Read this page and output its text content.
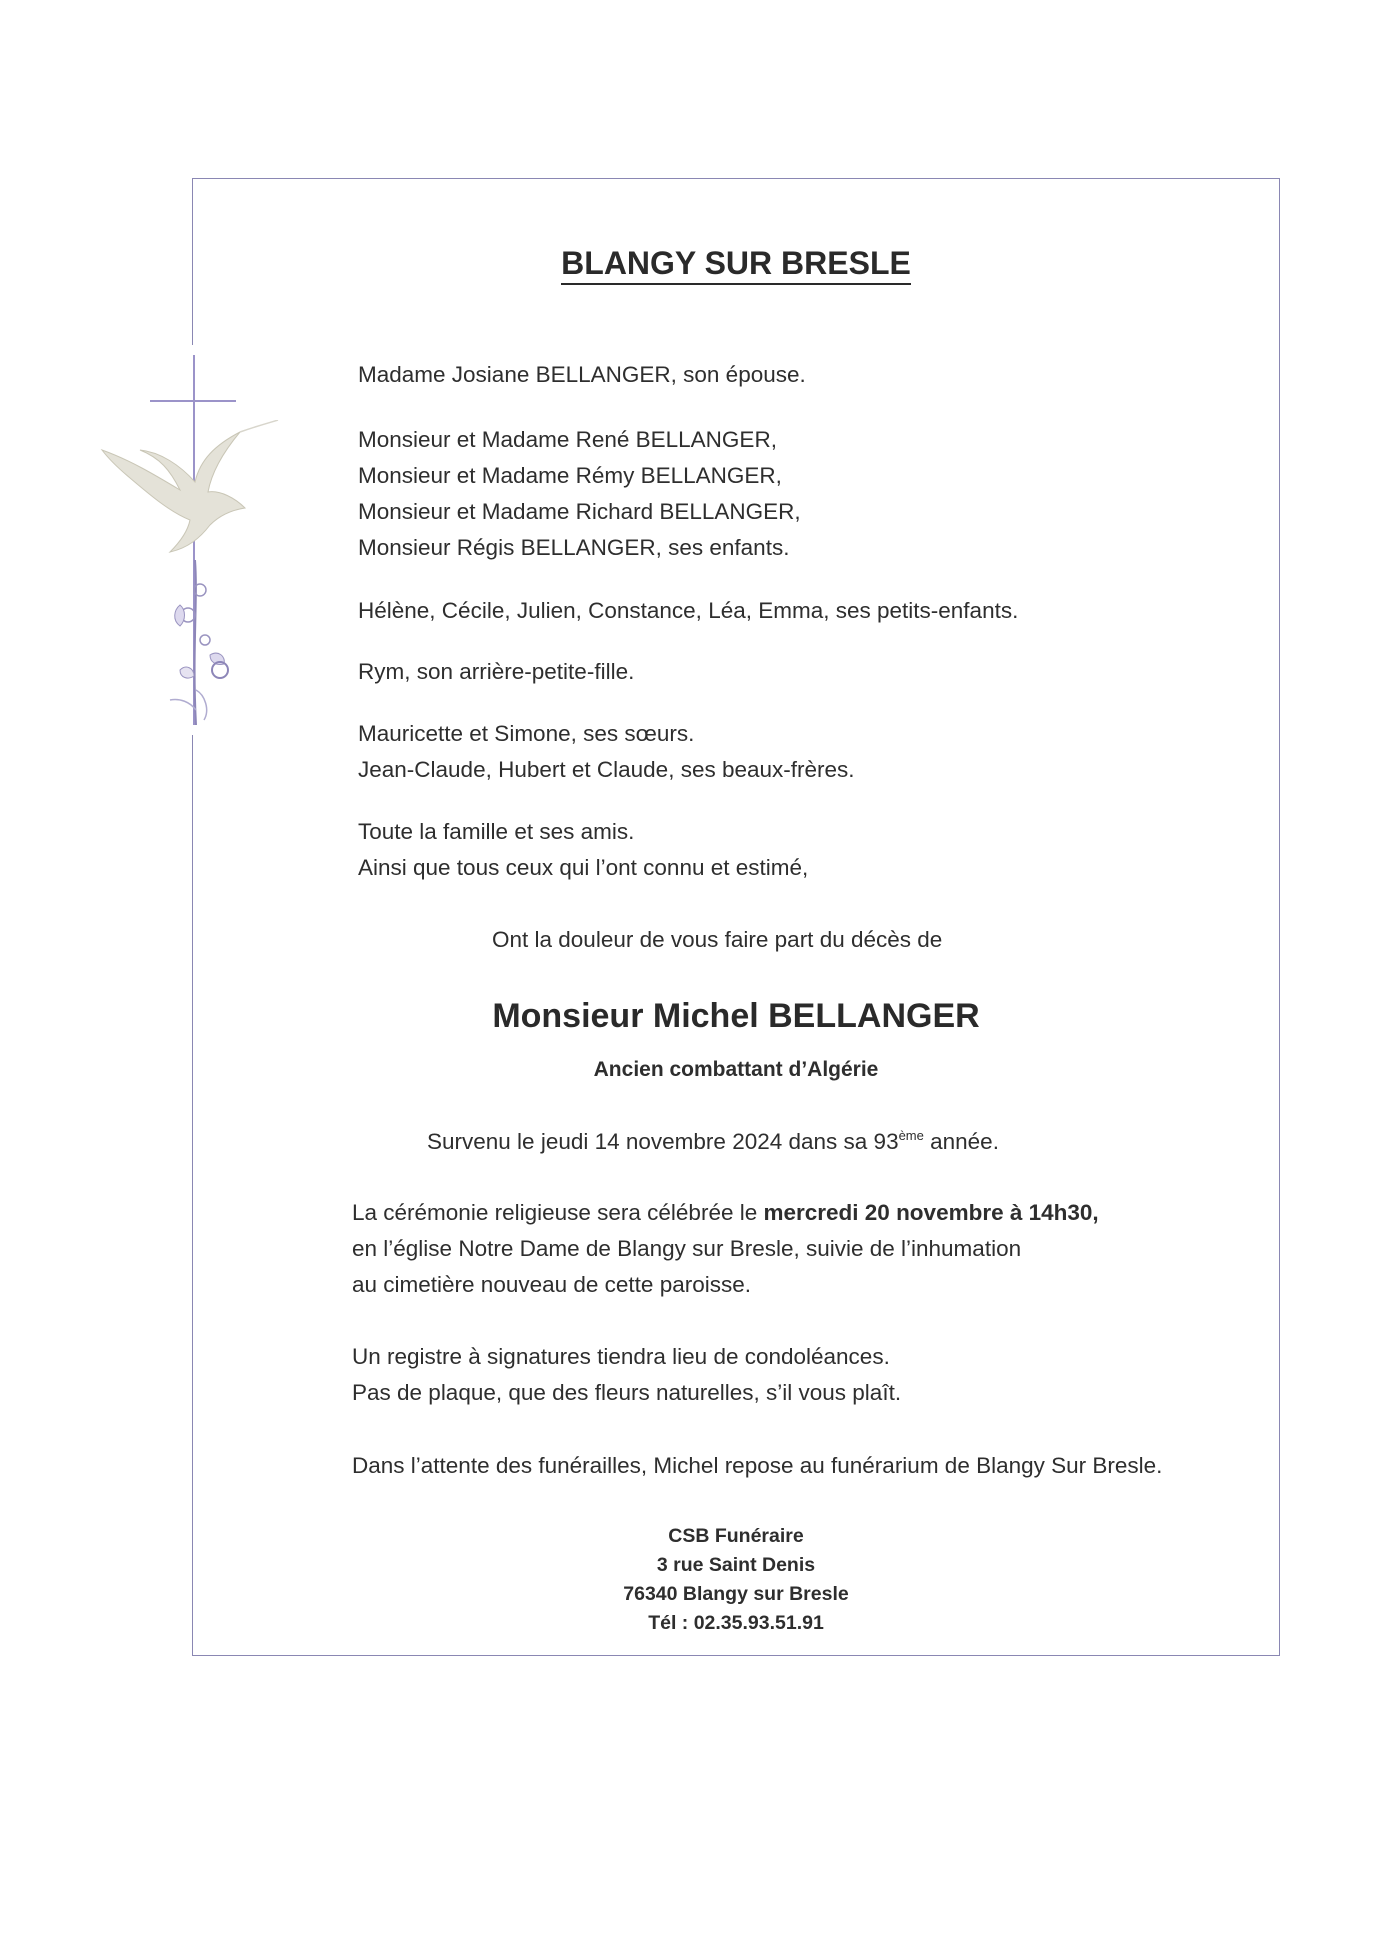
BLANGY SUR BRESLE
Madame Josiane BELLANGER, son épouse.
Monsieur et Madame René BELLANGER,
Monsieur et Madame Rémy BELLANGER,
Monsieur et Madame Richard BELLANGER,
Monsieur Régis BELLANGER, ses enfants.
Hélène, Cécile, Julien, Constance, Léa, Emma, ses petits-enfants.
Rym, son arrière-petite-fille.
Mauricette et Simone, ses sœurs.
Jean-Claude, Hubert et Claude, ses beaux-frères.
Toute la famille et ses amis.
Ainsi que tous ceux qui l’ont connu et estimé,
Ont la douleur de vous faire part du décès de
Monsieur Michel BELLANGER
Ancien combattant d’Algérie
Survenu le jeudi 14 novembre 2024 dans sa 93ème année.
La cérémonie religieuse sera célébrée le mercredi 20 novembre à 14h30,
en l’église Notre Dame de Blangy sur Bresle, suivie de l’inhumation
au cimetière nouveau de cette paroisse.
Un registre à signatures tiendra lieu de condoléances.
Pas de plaque, que des fleurs naturelles, s’il vous plaît.
Dans l’attente des funérailles, Michel repose au funérarium de Blangy Sur Bresle.
CSB Funéraire
3 rue Saint Denis
76340 Blangy sur Bresle
Tél : 02.35.93.51.91
